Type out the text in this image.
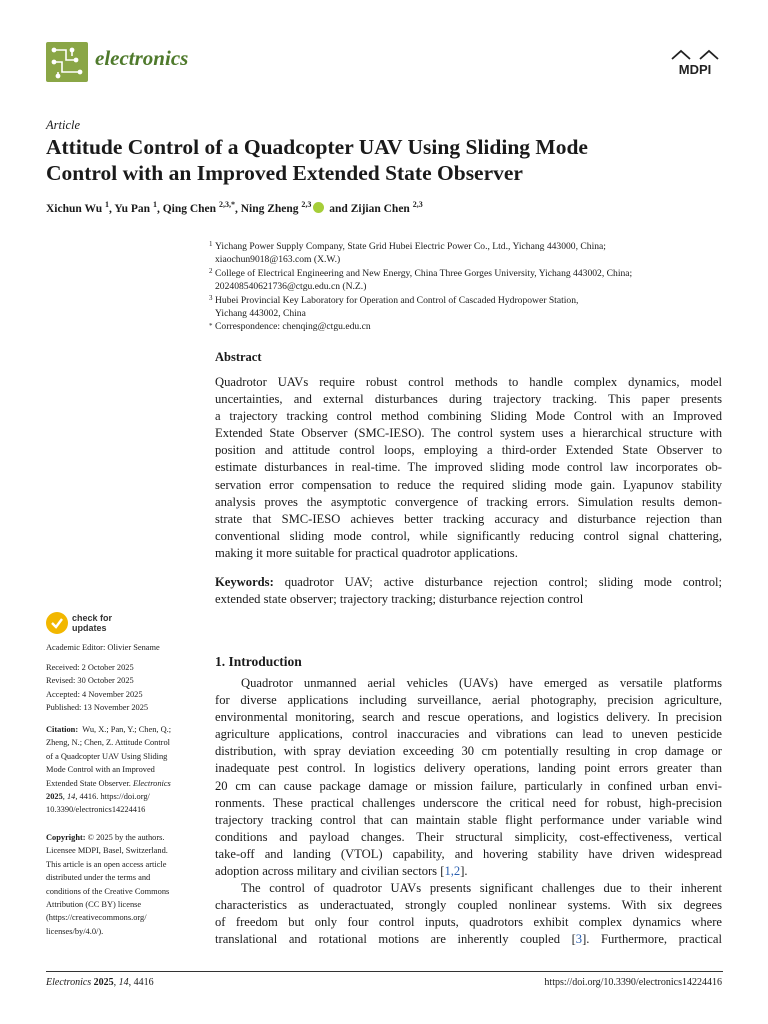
electronics	MDPI
Article
Attitude Control of a Quadcopter UAV Using Sliding Mode
Control with an Improved Extended State Observer
Xichun Wu $^1$, Yu Pan $^1$, Qing Chen $^{2,3,*}$, Ning Zheng $^{2,3}$ and Zijian Chen $^{2,3}$
1 Yichang Power Supply Company, State Grid Hubei Electric Power Co., Ltd., Yichang 443000, China;
xiaochun9018@163.com (X.W.)
2 College of Electrical Engineering and New Energy, China Three Gorges University, Yichang 443002, China;
202408540621736@ctgu.edu.cn (N.Z.)
3 Hubei Provincial Key Laboratory for Operation and Control of Cascaded Hydropower Station,
Yichang 443002, China
* Correspondence: chenqing@ctgu.edu.cn
Abstract
Quadrotor UAVs require robust control methods to handle complex dynamics, model
uncertainties, and external disturbances during trajectory tracking. This paper presents
a trajectory tracking control method combining Sliding Mode Control with an Improved
Extended State Observer (SMC-IESO). The control system uses a hierarchical structure with
position and attitude control loops, employing a third-order Extended State Observer to
estimate disturbances in real-time. The improved sliding mode control law incorporates ob-
servation error compensation to reduce the required sliding mode gain. Lyapunov stability
analysis proves the asymptotic convergence of tracking errors. Simulation results demon-
strate that SMC-IESO achieves better tracking accuracy and disturbance rejection than
conventional sliding mode control, while significantly reducing control signal chattering,
making it more suitable for practical quadrotor applications.
Keywords: quadrotor UAV; active disturbance rejection control; sliding mode control;
extended state observer; trajectory tracking; disturbance rejection control
check for
updates
Academic Editor: Olivier Sename
Received: 2 October 2025
Revised: 30 October 2025
Accepted: 4 November 2025
Published: 13 November 2025
Citation: Wu, X.; Pan, Y.; Chen, Q.;
Zheng, N.; Chen, Z. Attitude Control
of a Quadcopter UAV Using Sliding
Mode Control with an Improved
Extended State Observer. Electronics
2025, 14, 4416. https://doi.org/
10.3390/electronics14224416
Copyright: © 2025 by the authors.
Licensee MDPI, Basel, Switzerland.
This article is an open access article
distributed under the terms and
conditions of the Creative Commons
Attribution (CC BY) license
(https://creativecommons.org/
licenses/by/4.0/).
1. Introduction
Quadrotor unmanned aerial vehicles (UAVs) have emerged as versatile platforms
for diverse applications including surveillance, aerial photography, precision agriculture,
environmental monitoring, search and rescue operations, and logistics delivery. In precision
agriculture applications, control inaccuracies and vibrations can lead to uneven pesticide
distribution, with spray deviation exceeding 30 cm potentially resulting in crop damage or
inadequate pest control. In logistics delivery operations, landing point errors greater than
20 cm can cause package damage or mission failure, particularly in confined urban envi-
ronments. These practical challenges underscore the critical need for robust, high-precision
trajectory tracking control that can maintain stable flight performance under variable wind
conditions and payload changes. Their structural simplicity, cost-effectiveness, vertical
take-off and landing (VTOL) capability, and hovering stability have driven widespread
adoption across military and civilian sectors [1,2].
The control of quadrotor UAVs presents significant challenges due to their inherent
characteristics as underactuated, strongly coupled nonlinear systems. With six degrees
of freedom but only four control inputs, quadrotors exhibit complex dynamics where
translational and rotational motions are inherently coupled [3]. Furthermore, practical
Electronics 2025, 14, 4416	https://doi.org/10.3390/electronics14224416
